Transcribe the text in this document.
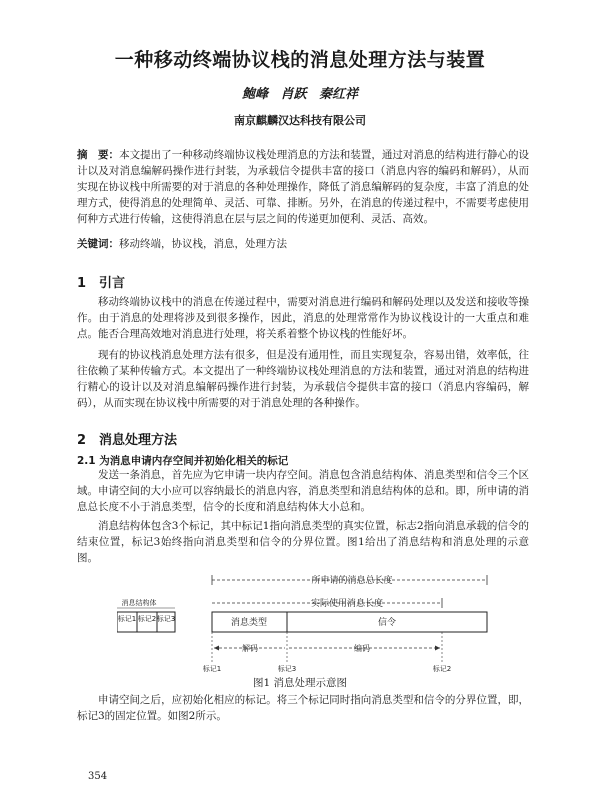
一种移动终端协议栈的消息处理方法与装置
鲍峰 肖跃 秦红祥
南京麒麟汉达科技有限公司

摘　要：本文提出了一种移动终端协议栈处理消息的方法和装置，通过对消息的结构进行静心的设计以及对消息编解码操作进行封装，为承载信令提供丰富的接口（消息内容的编码和解码），从而实现在协议栈中所需要的对于消息的各种处理操作，降低了消息编解码的复杂度，丰富了消息的处理方式，使得消息的处理简单、灵活、可靠、排断。另外，在消息的传递过程中，不需要考虑使用何种方式进行传输，这使得消息在层与层之间的传递更加便利、灵活、高效。

关键词：移动终端，协议栈，消息，处理方法
1 引言

移动终端协议栈中的消息在传递过程中，需要对消息进行编码和解码处理以及发送和接收等操作。由于消息的处理将涉及到很多操作，因此，消息的处理常常作为协议栈设计的一大重点和难点。能否合理高效地对消息进行处理，将关系着整个协议栈的性能好坏。

现有的协议栈消息处理方法有很多，但是没有通用性，而且实现复杂，容易出错，效率低，往往依赖了某种传输方式。本文提出了一种终端协议栈处理消息的方法和装置，通过对消息的结构进行精心的设计以及对消息编解码操作进行封装，为承载信令提供丰富的接口（消息内容编码，解码），从而实现在协议栈中所需要的对于消息处理的各种操作。

2 消息处理方法
2.1 为消息申请内存空间并初始化相关的标记

发送一条消息，首先应为它申请一块内存空间。消息包含消息结构体、消息类型和信令三个区域。申请空间的大小应可以容纳最长的消息内容，消息类型和消息结构体的总和。即，所申请的消息总长度不小于消息类型，信令的长度和消息结构体大小总和。

消息结构体包含3个标记，其中标记1指向消息类型的真实位置，标志2指向消息承载的信令的结束位置，标记3始终指向消息类型和信令的分界位置。图1给出了消息结构和消息处理的示意图。

所申请的消息总长度
消息结构体	实际使用消息长度
标记1 标记2 标记3	消息类型	信令
解码	编码
标记1	标记3	标记2
图1 消息处理示意图

申请空间之后，应初始化相应的标记。将三个标记同时指向消息类型和信令的分界位置，即，标记3的固定位置。如图2所示。

354
